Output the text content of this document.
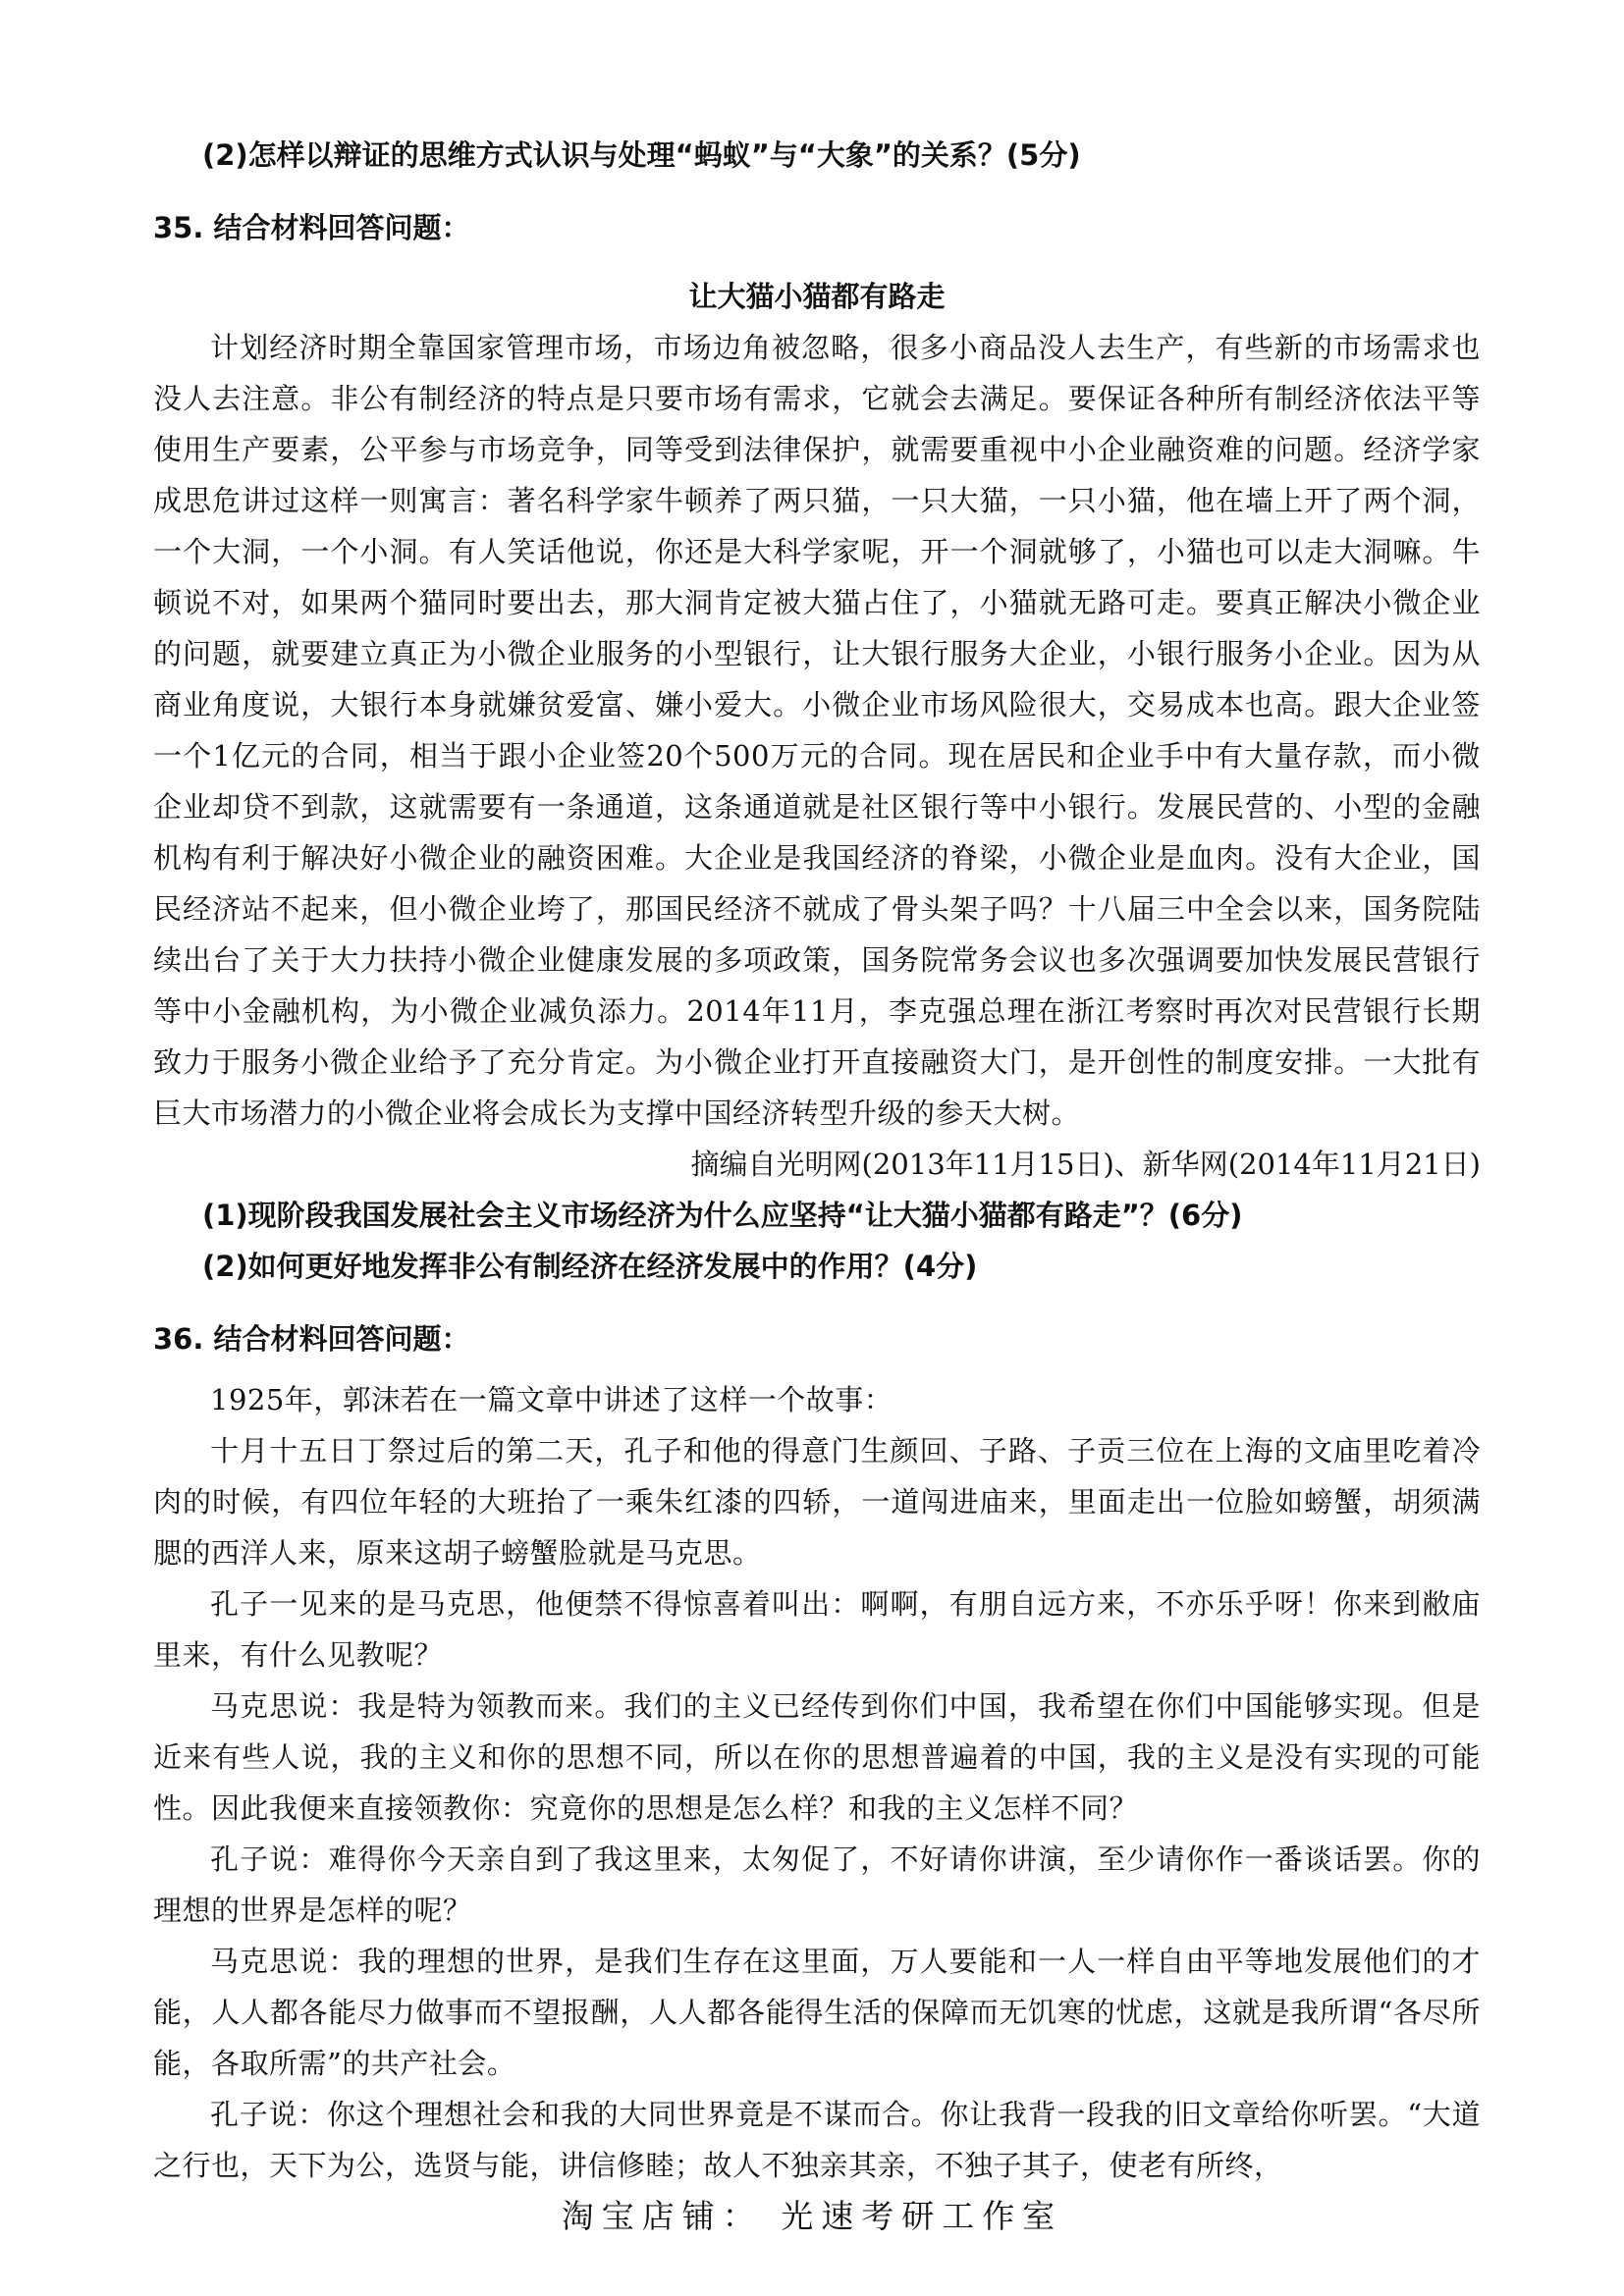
(2)怎样以辩证的思维方式认识与处理“蚂蚁”与“大象”的关系？(5分)

35. 结合材料回答问题：

让大猫小猫都有路走

计划经济时期全靠国家管理市场，市场边角被忽略，很多小商品没人去生产，有些新的市场需求也没人去注意。非公有制经济的特点是只要市场有需求，它就会去满足。要保证各种所有制经济依法平等使用生产要素，公平参与市场竞争，同等受到法律保护，就需要重视中小企业融资难的问题。经济学家成思危讲过这样一则寓言：著名科学家牛顿养了两只猫，一只大猫，一只小猫，他在墙上开了两个洞，一个大洞，一个小洞。有人笑话他说，你还是大科学家呢，开一个洞就够了，小猫也可以走大洞嘛。牛顿说不对，如果两个猫同时要出去，那大洞肯定被大猫占住了，小猫就无路可走。要真正解决小微企业的问题，就要建立真正为小微企业服务的小型银行，让大银行服务大企业，小银行服务小企业。因为从商业角度说，大银行本身就嫌贫爱富、嫌小爱大。小微企业市场风险很大，交易成本也高。跟大企业签一个1亿元的合同，相当于跟小企业签20个500万元的合同。现在居民和企业手中有大量存款，而小微企业却贷不到款，这就需要有一条通道，这条通道就是社区银行等中小银行。发展民营的、小型的金融机构有利于解决好小微企业的融资困难。大企业是我国经济的脊梁，小微企业是血肉。没有大企业，国民经济站不起来，但小微企业垮了，那国民经济不就成了骨头架子吗？十八届三中全会以来，国务院陆续出台了关于大力扶持小微企业健康发展的多项政策，国务院常务会议也多次强调要加快发展民营银行等中小金融机构，为小微企业减负添力。2014年11月，李克强总理在浙江考察时再次对民营银行长期致力于服务小微企业给予了充分肯定。为小微企业打开直接融资大门，是开创性的制度安排。一大批有巨大市场潜力的小微企业将会成长为支撑中国经济转型升级的参天大树。

摘编自光明网(2013年11月15日)、新华网(2014年11月21日)

(1)现阶段我国发展社会主义市场经济为什么应坚持“让大猫小猫都有路走”？(6分)

(2)如何更好地发挥非公有制经济在经济发展中的作用？(4分)

36. 结合材料回答问题：

1925年，郭沫若在一篇文章中讲述了这样一个故事：

十月十五日丁祭过后的第二天，孔子和他的得意门生颜回、子路、子贡三位在上海的文庙里吃着冷肉的时候，有四位年轻的大班抬了一乘朱红漆的四轿，一道闯进庙来，里面走出一位脸如螃蟹，胡须满腮的西洋人来，原来这胡子螃蟹脸就是马克思。

孔子一见来的是马克思，他便禁不得惊喜着叫出：啊啊，有朋自远方来，不亦乐乎呀！你来到敝庙里来，有什么见教呢？

马克思说：我是特为领教而来。我们的主义已经传到你们中国，我希望在你们中国能够实现。但是近来有些人说，我的主义和你的思想不同，所以在你的思想普遍着的中国，我的主义是没有实现的可能性。因此我便来直接领教你：究竟你的思想是怎么样？和我的主义怎样不同？

孔子说：难得你今天亲自到了我这里来，太匆促了，不好请你讲演，至少请你作一番谈话罢。你的理想的世界是怎样的呢？

马克思说：我的理想的世界，是我们生存在这里面，万人要能和一人一样自由平等地发展他们的才能，人人都各能尽力做事而不望报酬，人人都各能得生活的保障而无饥寒的忧虑，这就是我所谓“各尽所能，各取所需”的共产社会。

孔子说：你这个理想社会和我的大同世界竟是不谋而合。你让我背一段我的旧文章给你听罢。“大道之行也，天下为公，选贤与能，讲信修睦；故人不独亲其亲，不独子其子，使老有所终，

淘宝店铺： 光速考研工作室
